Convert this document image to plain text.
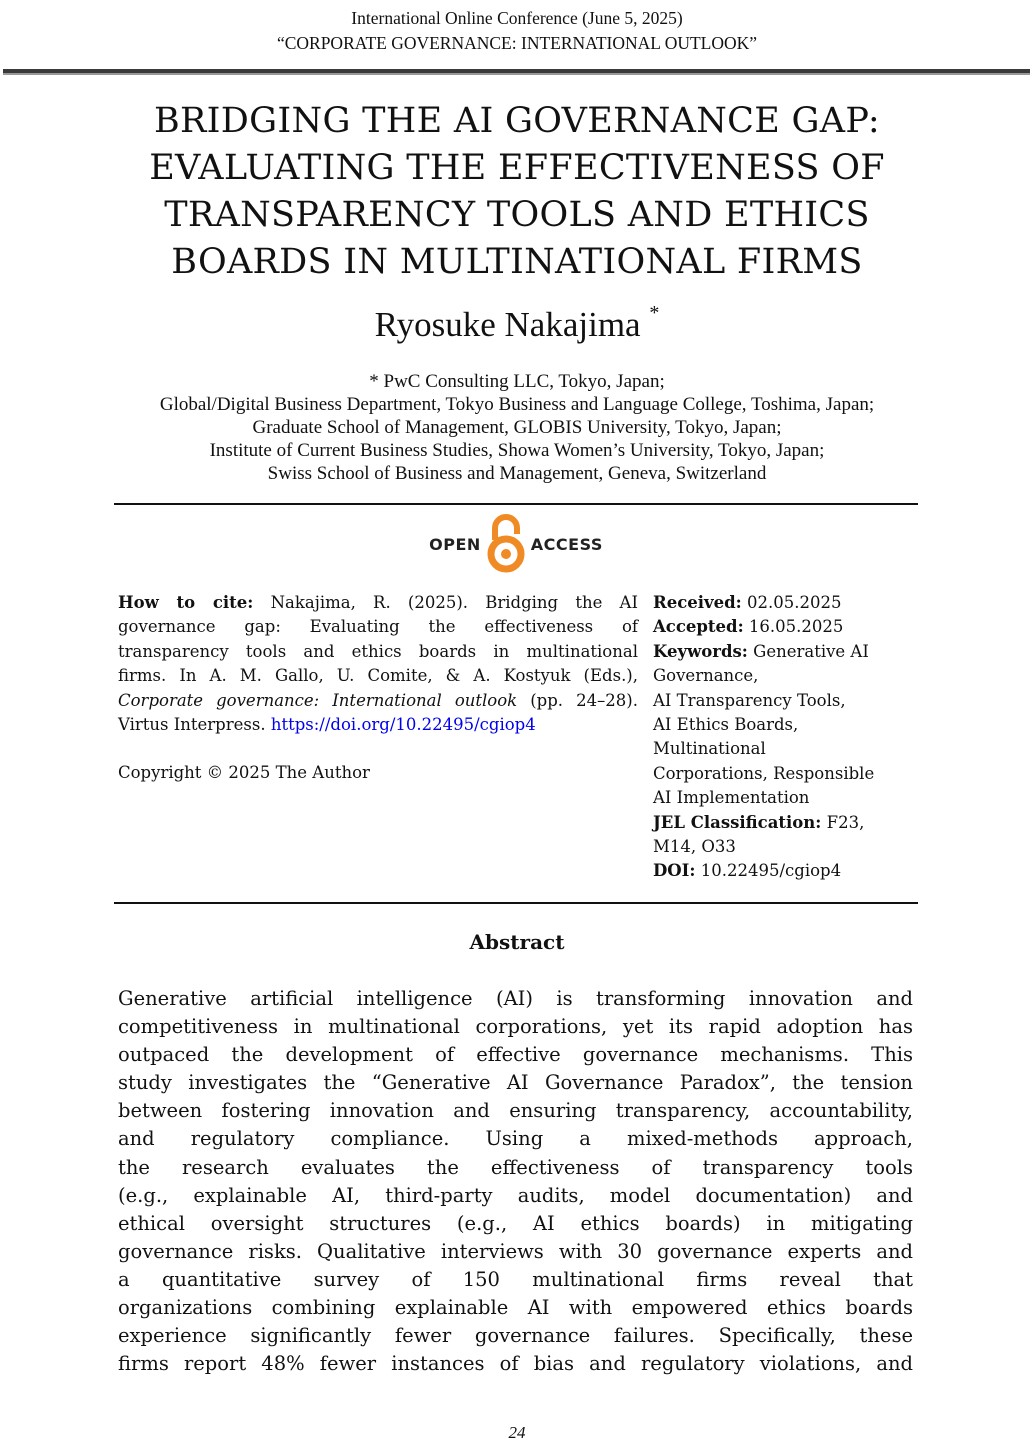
International Online Conference (June 5, 2025)
“CORPORATE GOVERNANCE: INTERNATIONAL OUTLOOK”
BRIDGING THE AI GOVERNANCE GAP:
EVALUATING THE EFFECTIVENESS OF
TRANSPARENCY TOOLS AND ETHICS
BOARDS IN MULTINATIONAL FIRMS
Ryosuke Nakajima *
* PwC Consulting LLC, Tokyo, Japan;
Global/Digital Business Department, Tokyo Business and Language College, Toshima, Japan;
Graduate School of Management, GLOBIS University, Tokyo, Japan;
Institute of Current Business Studies, Showa Women’s University, Tokyo, Japan;
Swiss School of Business and Management, Geneva, Switzerland
OPEN	ACCESS
How to cite: Nakajima, R. (2025). Bridging the AI
governance gap: Evaluating the effectiveness of
transparency tools and ethics boards in multinational
firms. In A. M. Gallo, U. Comite, & A. Kostyuk (Eds.),
Corporate governance: International outlook (pp. 24–28).
Virtus Interpress. https://doi.org/10.22495/cgiop4
Copyright © 2025 The Author
Received: 02.05.2025
Accepted: 16.05.2025
Keywords: Generative AI
Governance,
AI Transparency Tools,
AI Ethics Boards,
Multinational
Corporations, Responsible
AI Implementation
JEL Classification: F23,
M14, O33
DOI: 10.22495/cgiop4
Abstract
Generative artificial intelligence (AI) is transforming innovation and
competitiveness in multinational corporations, yet its rapid adoption has
outpaced the development of effective governance mechanisms. This
study investigates the “Generative AI Governance Paradox”, the tension
between fostering innovation and ensuring transparency, accountability,
and regulatory compliance. Using a mixed-methods approach,
the research evaluates the effectiveness of transparency tools
(e.g., explainable AI, third-party audits, model documentation) and
ethical oversight structures (e.g., AI ethics boards) in mitigating
governance risks. Qualitative interviews with 30 governance experts and
a quantitative survey of 150 multinational firms reveal that
organizations combining explainable AI with empowered ethics boards
experience significantly fewer governance failures. Specifically, these
firms report 48% fewer instances of bias and regulatory violations, and
24
